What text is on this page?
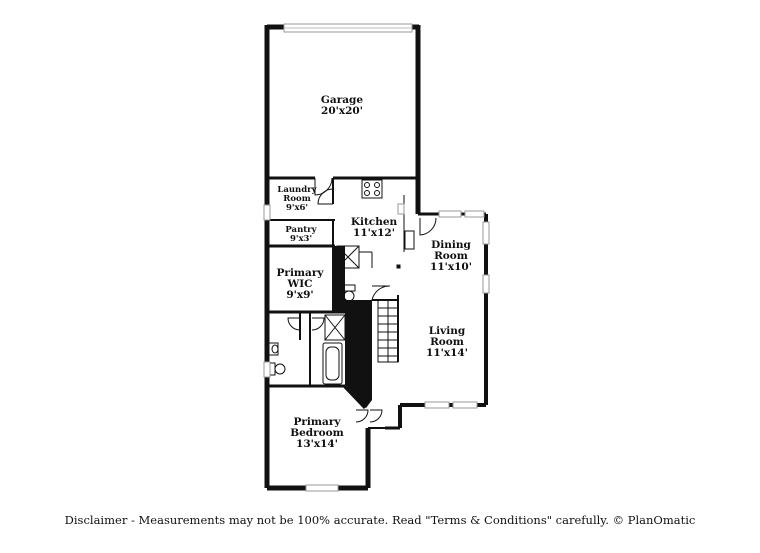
Garage
20'x20'
Laundry
Room
9'x6'
Pantry
9'x3'
Kitchen
11'x12'
Dining
Room
11'x10'
Primary
WIC
9'x9'
Living
Room
11'x14'
Primary
Bedroom
13'x14'
Disclaimer - Measurements may not be 100% accurate. Read "Terms & Conditions" carefully. © PlanOmatic
